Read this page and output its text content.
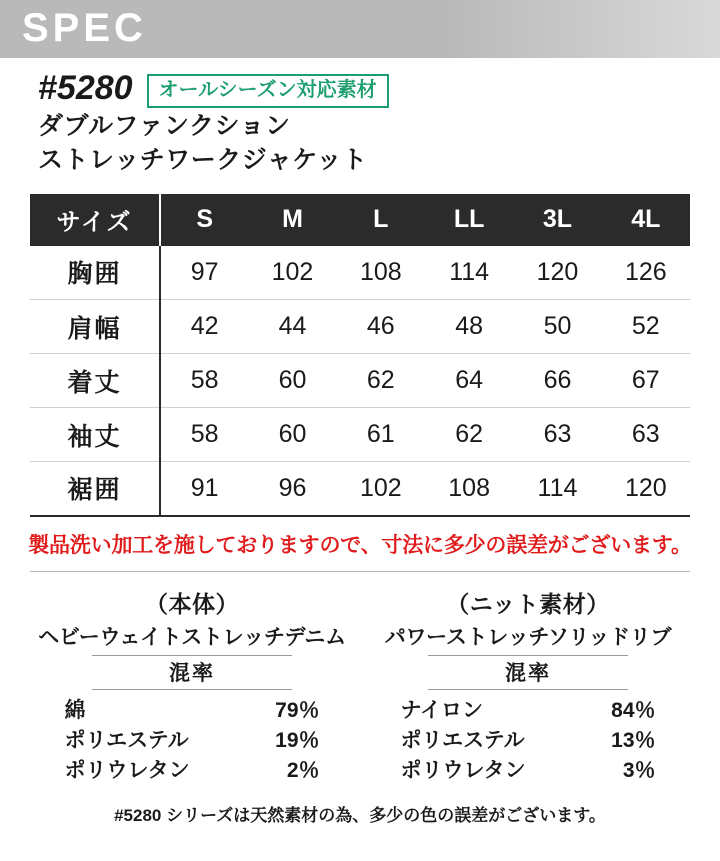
SPEC
#5280	オールシーズン対応素材
ダブルファンクション
ストレッチワークジャケット
サイズ	S	M	L	LL	3L	4L
胸囲	97	102	108	114	120	126
肩幅	42	44	46	48	50	52
着丈	58	60	62	64	66	67
袖丈	58	60	61	62	63	63
裾囲	91	96	102	108	114	120
製品洗い加工を施しておりますので、寸法に多少の誤差がございます。
（本体）
ヘビーウェイトストレッチデニム
混率
綿	79％
ポリエステル	19％
ポリウレタン	2％
（ニット素材）
パワーストレッチソリッドリブ
混率
ナイロン	84％
ポリエステル	13％
ポリウレタン	3％
#5280 シリーズは天然素材の為、多少の色の誤差がございます。
